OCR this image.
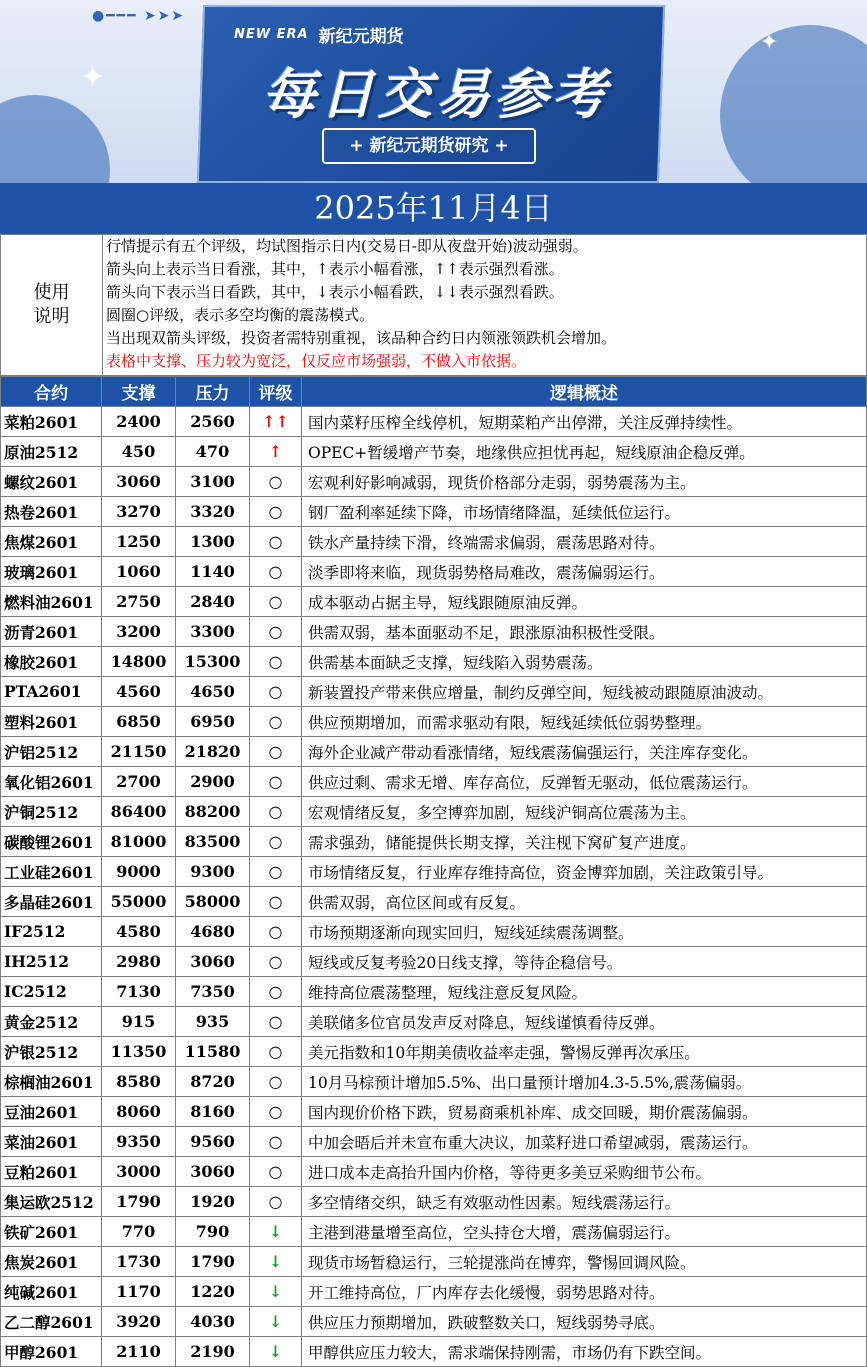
●━━━ ➤➤➤
✦
✦
NEW ERA 新纪元期货
每日交易参考
+ 新纪元期货研究 +
2025年11月4日
使用
说明

行情提示有五个评级，均试图指示日内(交易日-即从夜盘开始)波动强弱。
箭头向上表示当日看涨，其中，↑表示小幅看涨，↑↑表示强烈看涨。
箭头向下表示当日看跌，其中，↓表示小幅看跌，↓↓表示强烈看跌。
圆圈○评级，表示多空均衡的震荡模式。
当出现双箭头评级，投资者需特别重视，该品种合约日内领涨领跌机会增加。
表格中支撑、压力较为宽泛，仅反应市场强弱，不做入市依据。
合约	支撑	压力	评级	逻辑概述
菜粕2601	2400	2560	↑↑	国内菜籽压榨全线停机，短期菜粕产出停滞，关注反弹持续性。
原油2512	450	470	↑	OPEC+暂缓增产节奏，地缘供应担忧再起，短线原油企稳反弹。
螺纹2601	3060	3100	○	宏观利好影响减弱，现货价格部分走弱，弱势震荡为主。
热卷2601	3270	3320	○	钢厂盈利率延续下降，市场情绪降温，延续低位运行。
焦煤2601	1250	1300	○	铁水产量持续下滑，终端需求偏弱，震荡思路对待。
玻璃2601	1060	1140	○	淡季即将来临，现货弱势格局难改，震荡偏弱运行。
燃料油2601	2750	2840	○	成本驱动占据主导，短线跟随原油反弹。
沥青2601	3200	3300	○	供需双弱，基本面驱动不足，跟涨原油积极性受限。
橡胶2601	14800	15300	○	供需基本面缺乏支撑，短线陷入弱势震荡。
PTA2601	4560	4650	○	新装置投产带来供应增量，制约反弹空间，短线被动跟随原油波动。
塑料2601	6850	6950	○	供应预期增加，而需求驱动有限，短线延续低位弱势整理。
沪铝2512	21150	21820	○	海外企业减产带动看涨情绪，短线震荡偏强运行，关注库存变化。
氧化铝2601	2700	2900	○	供应过剩、需求无增、库存高位，反弹暂无驱动，低位震荡运行。
沪铜2512	86400	88200	○	宏观情绪反复，多空博弈加剧，短线沪铜高位震荡为主。
碳酸锂2601	81000	83500	○	需求强劲，储能提供长期支撑，关注枧下窝矿复产进度。
工业硅2601	9000	9300	○	市场情绪反复，行业库存维持高位，资金博弈加剧，关注政策引导。
多晶硅2601	55000	58000	○	供需双弱，高位区间或有反复。
IF2512	4580	4680	○	市场预期逐渐向现实回归，短线延续震荡调整。
IH2512	2980	3060	○	短线或反复考验20日线支撑，等待企稳信号。
IC2512	7130	7350	○	维持高位震荡整理，短线注意反复风险。
黄金2512	915	935	○	美联储多位官员发声反对降息，短线谨慎看待反弹。
沪银2512	11350	11580	○	美元指数和10年期美债收益率走强，警惕反弹再次承压。
棕榈油2601	8580	8720	○	10月马棕预计增加5.5%、出口量预计增加4.3-5.5%,震荡偏弱。
豆油2601	8060	8160	○	国内现价价格下跌，贸易商乘机补库、成交回暖，期价震荡偏弱。
菜油2601	9350	9560	○	中加会晤后并未宣布重大决议，加菜籽进口希望减弱，震荡运行。
豆粕2601	3000	3060	○	进口成本走高抬升国内价格，等待更多美豆采购细节公布。
集运欧2512	1790	1920	○	多空情绪交织，缺乏有效驱动性因素。短线震荡运行。
铁矿2601	770	790	↓	主港到港量增至高位，空头持仓大增，震荡偏弱运行。
焦炭2601	1730	1790	↓	现货市场暂稳运行，三轮提涨尚在博弈，警惕回调风险。
纯碱2601	1170	1220	↓	开工维持高位，厂内库存去化缓慢，弱势思路对待。
乙二醇2601	3920	4030	↓	供应压力预期增加，跌破整数关口，短线弱势寻底。
甲醇2601	2110	2190	↓	甲醇供应压力较大，需求端保持刚需，市场仍有下跌空间。
